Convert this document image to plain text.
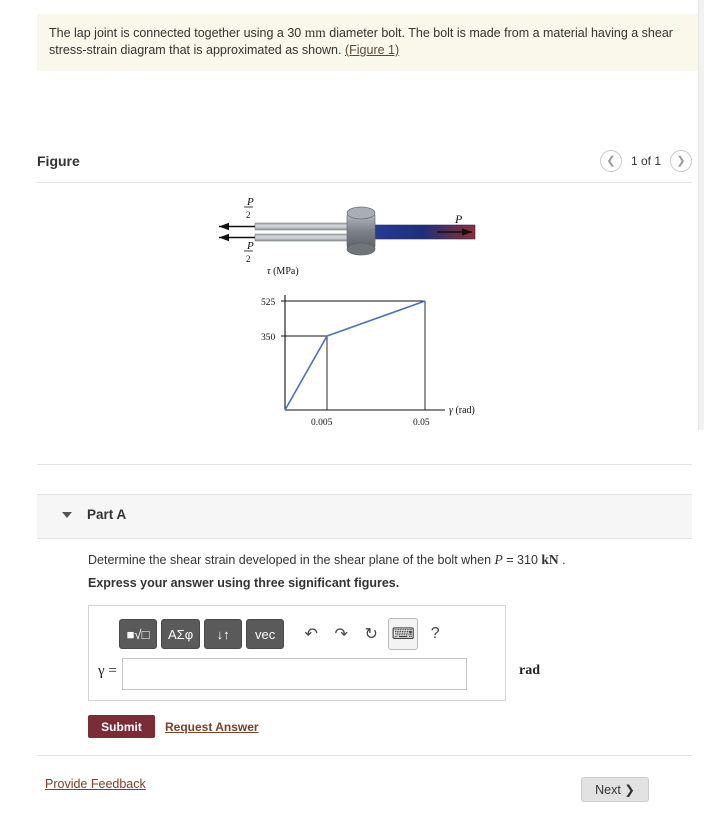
The lap joint is connected together using a 30 mm diameter bolt. The bolt is made from a material having a shear stress-strain diagram that is approximated as shown. (Figure 1)
Figure	❮	1 of 1	❯
P
2
P
2
P
τ (MPa)
γ (rad)
525
350
0.005	0.05
Part A
Determine the shear strain developed in the shear plane of the bolt when P = 310 kN .
Express your answer using three significant figures.
■√□	ΑΣφ	↓↑	vec	↶	↷	↻ ⌨	?
γ =	rad
Submit	Request Answer
Provide Feedback	Next ❯
